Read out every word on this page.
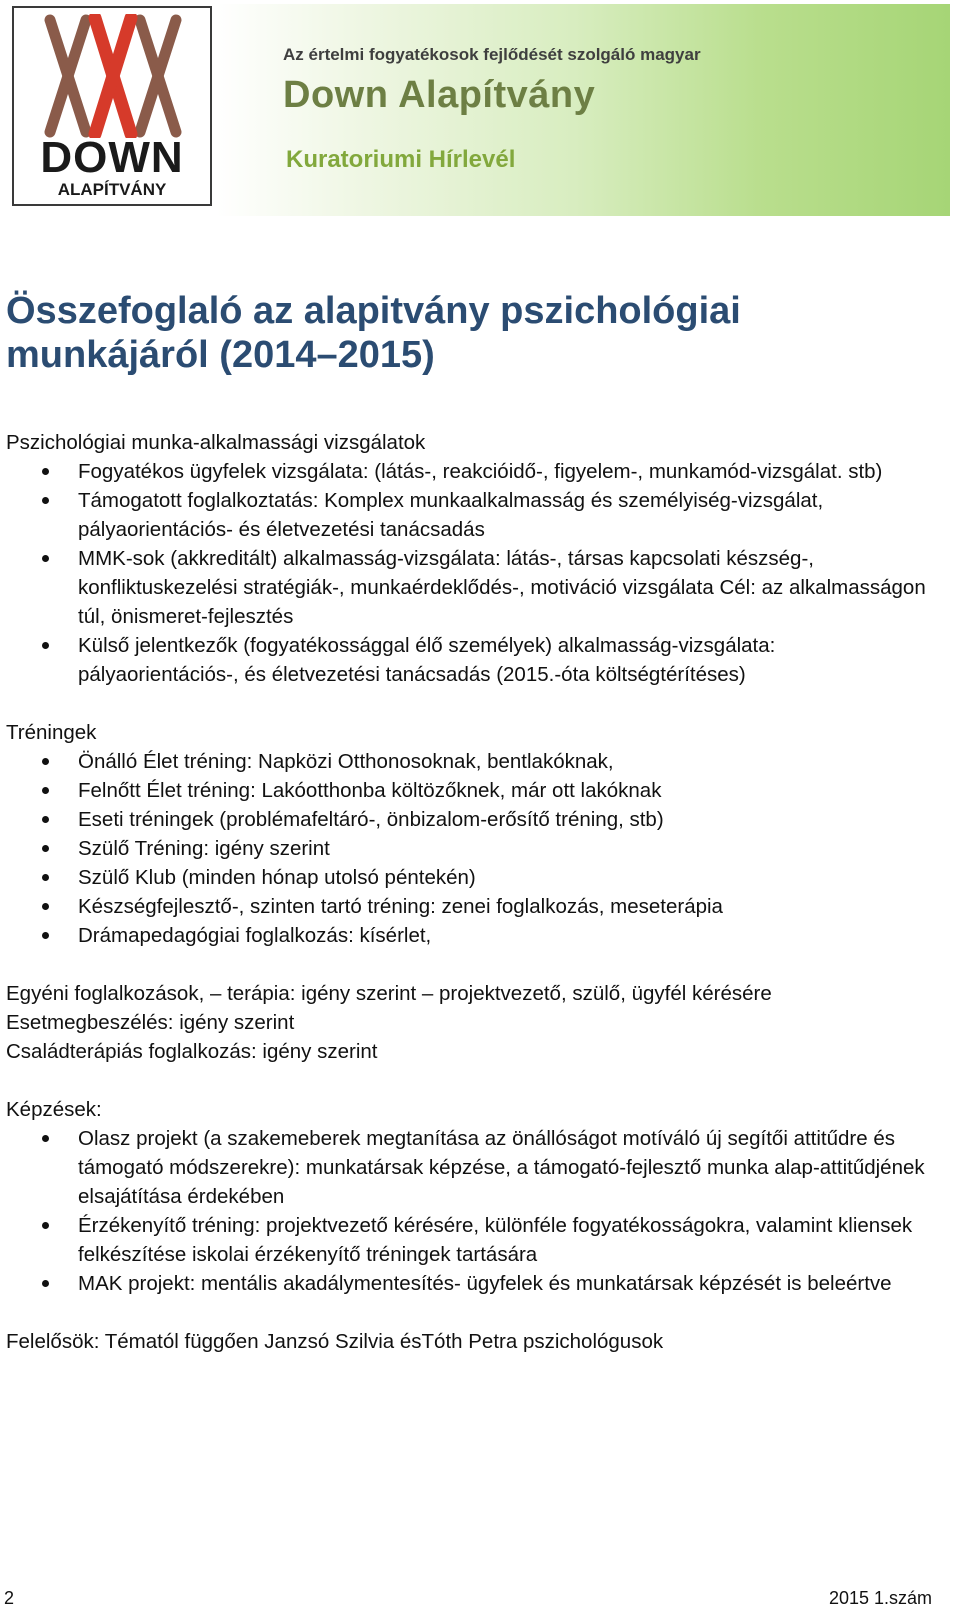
DOWN
ALAPÍTVÁNY
Az értelmi fogyatékosok fejlődését szolgáló magyar
Down Alapítvány
Kuratoriumi Hírlevél
Összefoglaló az alapitvány pszichológiai munkájáról (2014–2015)

Pszichológiai munka-alkalmassági vizsgálatok

Fogyatékos ügyfelek vizsgálata: (látás-, reakcióidő-, figyelem-, munkamód-vizsgálat. stb)
Támogatott foglalkoztatás: Komplex munkaalkalmasság és személyiség-vizsgálat, pályaorientációs- és életvezetési tanácsadás
MMK-sok (akkreditált) alkalmasság-vizsgálata: látás-, társas kapcsolati készség-, konfliktuskezelési stratégiák-, munkaérdeklődés-, motiváció vizsgálata Cél: az alkalmasságon túl, önismeret-fejlesztés
Külső jelentkezők (fogyatékossággal élő személyek) alkalmasság-vizsgálata: pályaorientációs-, és életvezetési tanácsadás (2015.-óta költségtérítéses)

Tréningek

Önálló Élet tréning: Napközi Otthonosoknak, bentlakóknak,
Felnőtt Élet tréning: Lakóotthonba költözőknek, már ott lakóknak
Eseti tréningek (problémafeltáró-, önbizalom-erősítő tréning, stb)
Szülő Tréning: igény szerint
Szülő Klub (minden hónap utolsó péntekén)
Készségfejlesztő-, szinten tartó tréning: zenei foglalkozás, meseterápia
Drámapedagógiai foglalkozás: kísérlet,

Egyéni foglalkozások, – terápia: igény szerint – projektvezető, szülő, ügyfél kérésére

Esetmegbeszélés: igény szerint

Családterápiás foglalkozás: igény szerint

Képzések:

Olasz projekt (a szakemeberek megtanítása az önállóságot motíváló új segítői attitűdre és támogató módszerekre): munkatársak képzése, a támogató-fejlesztő munka alap-attitűdjének elsajátítása érdekében
Érzékenyítő tréning: projektvezető kérésére, különféle fogyatékosságokra, valamint kliensek felkészítése iskolai érzékenyítő tréningek tartására
MAK projekt: mentális akadálymentesítés- ügyfelek és munkatársak képzését is beleértve

Felelősök: Tématól függően Janzsó Szilvia ésTóth Petra pszichológusok

2	2015 1.szám
